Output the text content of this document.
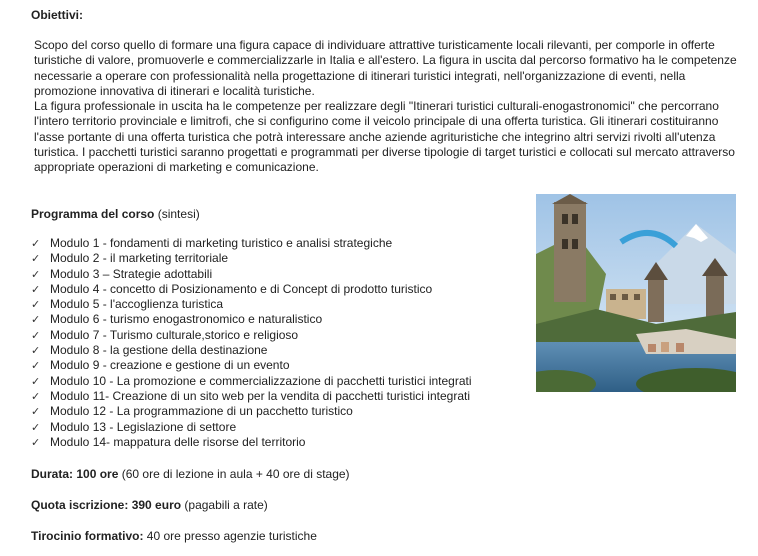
Obiettivi:

Scopo del corso quello di formare una figura capace di individuare attrattive turisticamente locali rilevanti, per comporle in offerte turistiche di valore, promuoverle e commercializzarle in Italia e all'estero. La figura in uscita dal percorso formativo ha le competenze necessarie a operare con professionalità nella progettazione di itinerari turistici integrati, nell'organizzazione di eventi, nella promozione innovativa di itinerari e località turistiche.

La figura professionale in uscita ha le competenze per realizzare degli "Itinerari turistici culturali-enogastronomici" che percorrano l'intero territorio provinciale e limitrofi, che si configurino come il veicolo principale di una offerta turistica. Gli itinerari costituiranno l'asse portante di una offerta turistica che potrà interessare anche aziende agrituristiche che integrino altri servizi rivolti all'utenza turistica. I pacchetti turistici saranno progettati e programmati per diverse tipologie di target turistici e collocati sul mercato attraverso appropriate operazioni di marketing e comunicazione.

Programma del corso (sintesi)
✓ Modulo 1 - fondamenti di marketing turistico e analisi strategiche
✓ Modulo 2 - il marketing territoriale
✓ Modulo 3 – Strategie adottabili
✓ Modulo 4 - concetto di Posizionamento e di Concept di prodotto turistico
✓ Modulo 5 - l'accoglienza turistica
✓ Modulo 6 - turismo enogastronomico e naturalistico
✓ Modulo 7 - Turismo culturale,storico e religioso
✓ Modulo 8 - la gestione della destinazione
✓ Modulo 9 - creazione e gestione di un evento
✓ Modulo 10 - La promozione e commercializzazione di pacchetti turistici integrati
✓ Modulo 11- Creazione di un sito web per la vendita di pacchetti turistici integrati
✓ Modulo 12 - La programmazione di un pacchetto turistico
✓ Modulo 13 - Legislazione di settore
✓ Modulo 14- mappatura delle risorse del territorio
Durata: 100 ore (60 ore di lezione in aula + 40 ore di stage)
Quota iscrizione: 390 euro (pagabili a rate)
Tirocinio formativo: 40 ore presso agenzie turistiche
